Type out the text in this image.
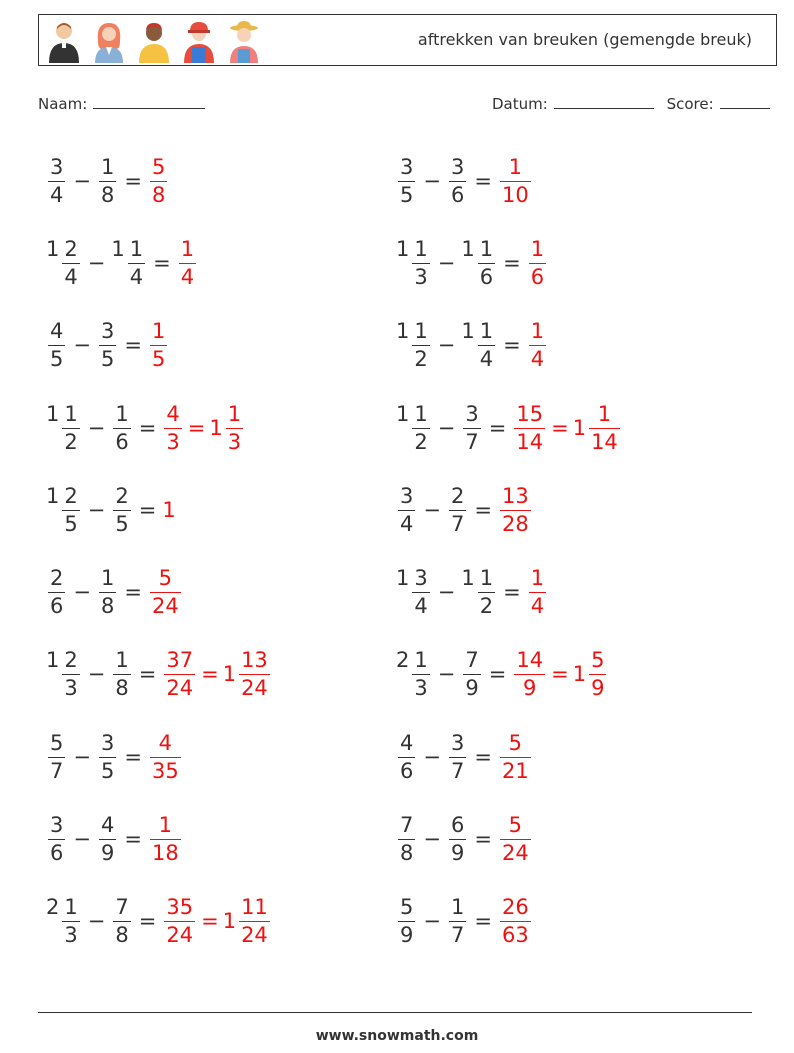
aftrekken van breuken (gemengde breuk)
Naam:	Datum:	Score:
$\frac{3}{4} - \frac{1}{8} = \frac{5}{8}$
$1 \frac{2}{4}$ −
$1 \frac{1}{4} = \frac{1}{4}$
$\frac{4}{5} - \frac{3}{5} = \frac{1}{5}$
$1 \frac{1}{2} - \frac{1}{6} = \frac{4}{3} = 1 \frac{1}{3}$
$1 \frac{2}{5} - \frac{2}{5} = 1$
$\frac{2}{6} - \frac{1}{8} = \frac{5}{24}$
$1 \frac{2}{3} - \frac{1}{8} = \frac{37}{24} = 1 \frac{13}{24}$
$\frac{5}{7} - \frac{3}{5} = \frac{4}{35}$
$\frac{3}{6} - \frac{4}{9} = \frac{1}{18}$
$2 \frac{1}{3} - \frac{7}{8} = \frac{35}{24} = 1 \frac{11}{24}$
$\frac{3}{5} - \frac{3}{6} = \frac{1}{10}$
$1 \frac{1}{3}$ −
$1 \frac{1}{6} = \frac{1}{6}$
$1 \frac{1}{2}$ −
$1 \frac{1}{4} = \frac{1}{4}$
$1 \frac{1}{2} - \frac{3}{7} = \frac{15}{14} = 1 \frac{1}{14}$
$\frac{3}{4} - \frac{2}{7} = \frac{13}{28}$
$1 \frac{3}{4}$ −
$1 \frac{1}{2} = \frac{1}{4}$
$2 \frac{1}{3} - \frac{7}{9} = \frac{14}{9} = 1 \frac{5}{9}$
$\frac{4}{6} - \frac{3}{7} = \frac{5}{21}$
$\frac{7}{8} - \frac{6}{9} = \frac{5}{24}$
$\frac{5}{9} - \frac{1}{7} = \frac{26}{63}$
www.snowmath.com
